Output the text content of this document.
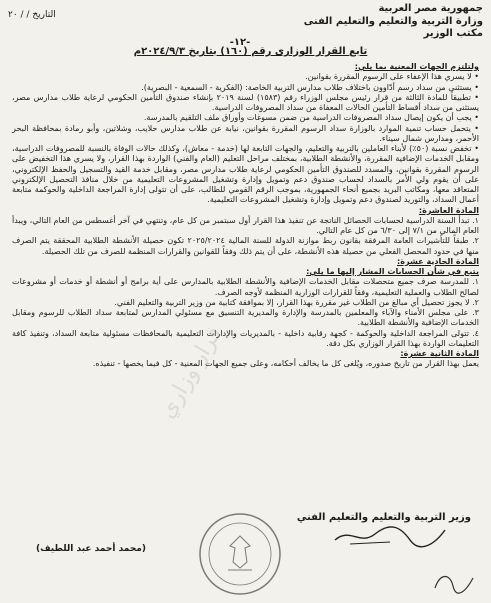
جمهورية مصر العربية
وزارة التربية والتعليم والتعليم الفنى
مكتب الوزير
التاريخ / / ٢٠
-١٢-
تابع القرار الوزارى رقم (١٦٠) بتاريخ ٢٠٢٤/٩/٣م

ولتلتزم الجهات المعنية بما يلي:

• لا يسري هذا الإعفاء على الرسوم المقررة بقوانين.

• يستثنى من سداد رسم أدّاوون باختلاف طلاب مدارس التربية الخاصة: (الفكرية - السمعية - البصرية).

• تطبيقاً للمادة الثالثة من قرار رئيس مجلس الوزراء رقم (١٥٨٣) لسنة ٢٠١٩ بإنشاء صندوق التأمين الحكومي لرعاية طلاب مدارس مصر، يستثنى من سداد أقساط التأمين الحالات المعفاة من سداد المصروفات الدراسية.

• يجب أن يكون إيصال سداد المصروفات الدراسية من ضمن مسوغات وأوراق ملف التلقيم بالمدرسة.

• يتحمل حساب تنمية الموارد بالوزارة سداد الرسوم المقررة بقوانين، نيابة عن طلاب مدارس حلايب، وشلاتين، وأبو رمادة بمحافظة البحر الأحمر، ومدارس شمال سيناء.

• تخفض نسبة (٥٠٪) لأبناء العاملين بالتربية والتعليم، والجهات التابعة لها (خدمة - معاش)، وكذلك حالات الوفاة بالنسبة للمصروفات الدراسية، ومقابل الخدمات الإضافية المقررة، والأنشطة الطلابية، بمختلف مراحل التعليم (العام والفني) الواردة بهذا القرار، ولا يسري هذا التخفيض على الرسوم المقررة بقوانين، والمسدد للصندوق التأمين الحكومي لرعاية طلاب مدارس مصر، ومقابل خدمة القيد والتسجيل والحفظ الإلكتروني، على أن يقوم ولي الأمر بالسداد لحساب صندوق دعم وتمويل وإدارة وتشغيل المشروعات التعليمية من خلال منافذ التحصيل الإلكتروني المتعاقد معها، ومكاتب البريد بجميع أنحاء الجمهورية، بموجب الرقم القومي للطالب، على أن تتولى إدارة المراجعة الداخلية والحوكمة متابعة أعمال السداد، والتوريد لصندوق دعم وتمويل وإدارة وتشغيل المشروعات التعليمية.

المادة العاشرة:

١. تبدأ السنة الدراسية لحسابات الحصائل الناتجة عن تنفيذ هذا القرار أول سبتمبر من كل عام، وتنتهي في آخر أغسطس من العام التالي، ويبدأ العام المالي من ٧/١ إلى ٦/٣٠ من كل عام التالي.

٢. طبقاً للتأشيرات العامة المرفقة بقانون ربط موازنة الدولة للسنة المالية ٢٠٢٥/٢٠٢٤ تكون حصيلة الأنشطة الطلابية المحققة يتم الصرف منها في حدود المحصل الفعلي من حصيلة هذه الأنشطة، على أن يتم ذلك وفقاً للقوانين والقرارات المنظمة للصرف من تلك الحصيلة.

المادة الحادية عشرة:

يتبع في شأن الحسابات المشار إليها ما يلي:

١. للمدرسة صرف جميع متحصلات مقابل الخدمات الإضافية والأنشطة الطلابية بالمدارس على أية برامج أو أنشطة أو خدمات أو مشروعات لصالح الطلاب والعملية التعليمية، وفقاً للقرارات الوزارية المنظمة لأوجه الصرف.

٢. لا يجوز تحصيل أي مبالغ من الطلاب غير مقررة بهذا القرار، إلا بموافقة كتابية من وزير التربية والتعليم الفني.

٣. على مجلس الأمناء والآباء والمعلمين بالمدرسة والإدارة والمديرية التنسيق مع مسئولي المدارس لمتابعة سداد الطلاب للرسوم ومقابل الخدمات الإضافية والأنشطة الطلابية.

٤. تتولى المراجعة الداخلية والحوكمة - كجهة رقابية داخلية - بالمديريات والإدارات التعليمية بالمحافظات مسئولية متابعة السداد، وتنفيذ كافة التعليمات الواردة بهذا القرار الوزاري بكل دقة.

المادة الثانية عشرة:

يعمل بهذا القرار من تاريخ صدوره، ويُلغى كل ما يخالف أحكامه، وعلى جميع الجهات المعنية - كل فيما يخصها - تنفيذه.

قرار وزاري
وزير التربية والتعليم والتعليم الفني
(محمد أحمد عبد اللطيف)
